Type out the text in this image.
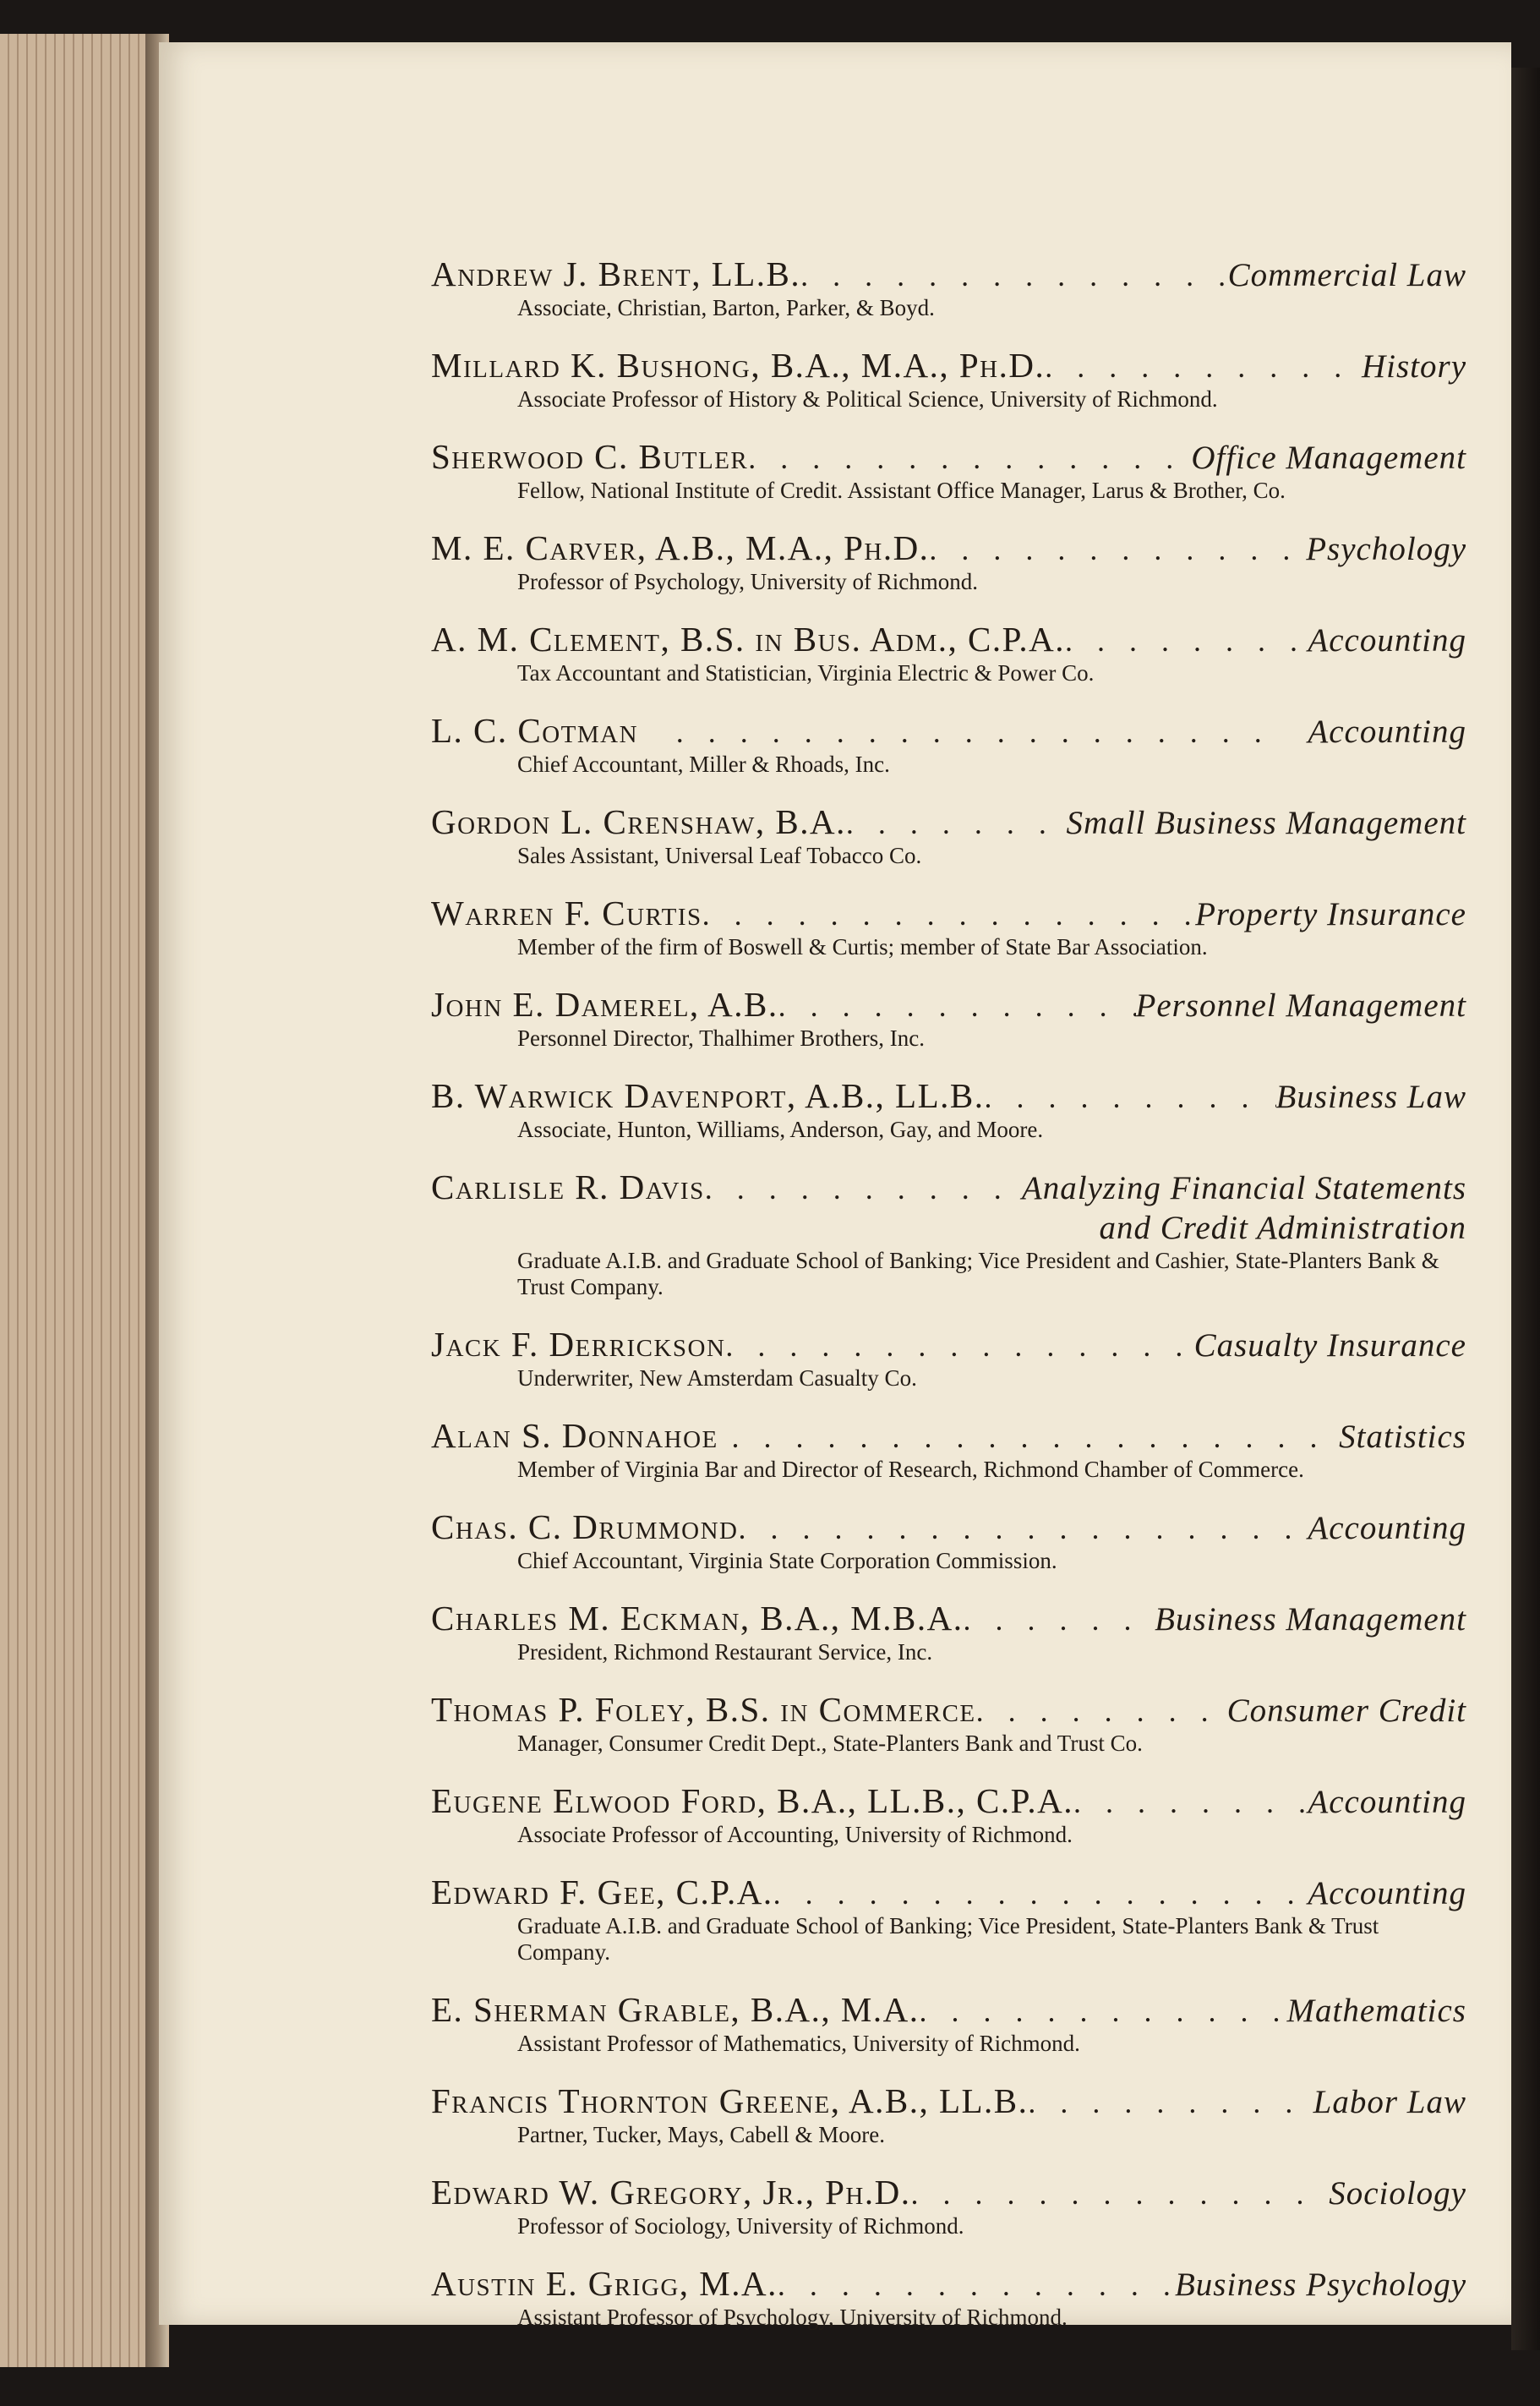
Andrew J. Brent, LL.B. . . .	Commercial Law
Associate, Christian, Barton, Parker, & Boyd.
Millard K. Bushong, B.A., M.A., Ph.D. . . .	History
Associate Professor of History & Political Science, University of Richmond.
Sherwood C. Butler . . .	Office Management
Fellow, National Institute of Credit. Assistant Office Manager, Larus & Brother, Co.
M. E. Carver, A.B., M.A., Ph.D. . . .	Psychology
Professor of Psychology, University of Richmond.
A. M. Clement, B.S. in Bus. Adm., C.P.A. . . .	Accounting
Tax Accountant and Statistician, Virginia Electric & Power Co.
L. C. Cotman . . .	Accounting
Chief Accountant, Miller & Rhoads, Inc.
Gordon L. Crenshaw, B.A. . . .	Small Business Management
Sales Assistant, Universal Leaf Tobacco Co.
Warren F. Curtis . . .	Property Insurance
Member of the firm of Boswell & Curtis; member of State Bar Association.
John E. Damerel, A.B. . . .	Personnel Management
Personnel Director, Thalhimer Brothers, Inc.
B. Warwick Davenport, A.B., LL.B. . . .	Business Law
Associate, Hunton, Williams, Anderson, Gay, and Moore.
Carlisle R. Davis . . .	Analyzing Financial Statements
and Credit Administration
Graduate A.I.B. and Graduate School of Banking; Vice President and Cashier, State-Planters Bank & Trust Company.
Jack F. Derrickson . . .	Casualty Insurance
Underwriter, New Amsterdam Casualty Co.
Alan S. Donnahoe . . .	Statistics
Member of Virginia Bar and Director of Research, Richmond Chamber of Commerce.
Chas. C. Drummond . . .	Accounting
Chief Accountant, Virginia State Corporation Commission.
Charles M. Eckman, B.A., M.B.A. . . .	Business Management
President, Richmond Restaurant Service, Inc.
Thomas P. Foley, B.S. in Commerce . . .	Consumer Credit
Manager, Consumer Credit Dept., State-Planters Bank and Trust Co.
Eugene Elwood Ford, B.A., LL.B., C.P.A. . . .	Accounting
Associate Professor of Accounting, University of Richmond.
Edward F. Gee, C.P.A. . . .	Accounting
Graduate A.I.B. and Graduate School of Banking; Vice President, State-Planters Bank & Trust Company.
E. Sherman Grable, B.A., M.A. . . .	Mathematics
Assistant Professor of Mathematics, University of Richmond.
Francis Thornton Greene, A.B., LL.B. . . .	Labor Law
Partner, Tucker, Mays, Cabell & Moore.
Edward W. Gregory, Jr., Ph.D. . . .	Sociology
Professor of Sociology, University of Richmond.
Austin E. Grigg, M.A. . . .	Business Psychology
Assistant Professor of Psychology, University of Richmond.
